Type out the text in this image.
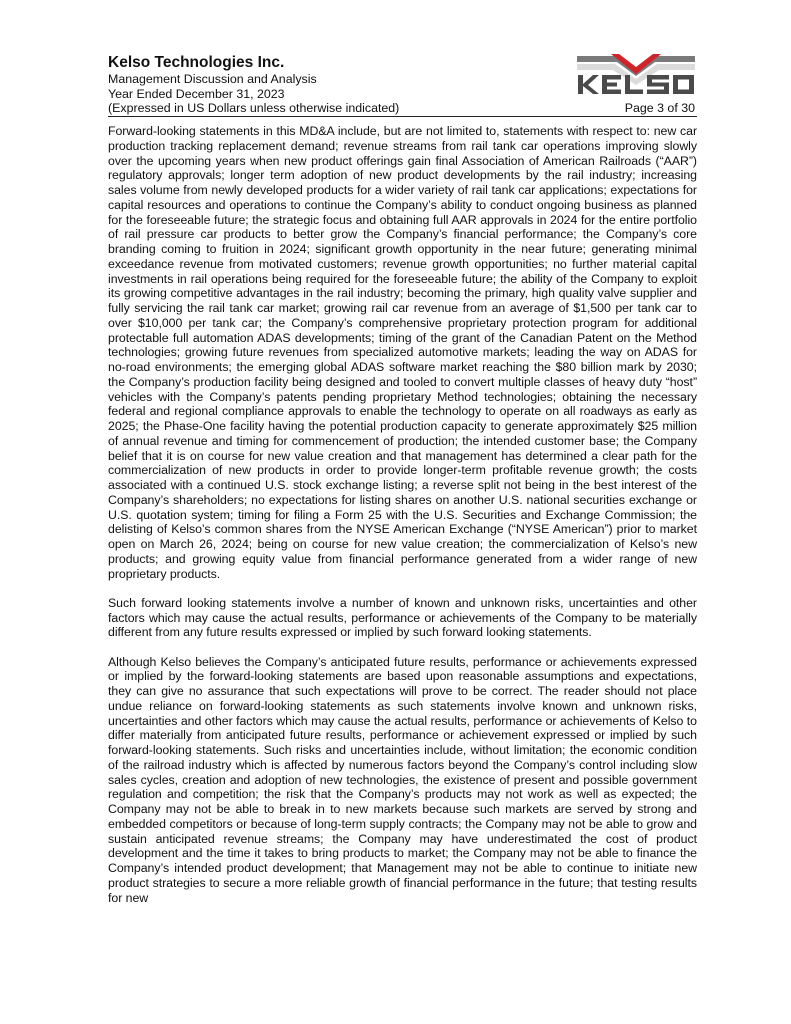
Kelso Technologies Inc.

Management Discussion and Analysis

Year Ended December 31, 2023

(Expressed in US Dollars unless otherwise indicated)	Page 3 of 30

Forward-looking statements in this MD&A include, but are not limited to, statements with respect to: new car production tracking replacement demand; revenue streams from rail tank car operations improving slowly over the upcoming years when new product offerings gain final Association of American Railroads (“AAR”) regulatory approvals; longer term adoption of new product developments by the rail industry; increasing sales volume from newly developed products for a wider variety of rail tank car applications; expectations for capital resources and operations to continue the Company’s ability to conduct ongoing business as planned for the foreseeable future; the strategic focus and obtaining full AAR approvals in 2024 for the entire portfolio of rail pressure car products to better grow the Company’s financial performance; the Company’s core branding coming to fruition in 2024; significant growth opportunity in the near future; generating minimal exceedance revenue from motivated customers; revenue growth opportunities; no further material capital investments in rail operations being required for the foreseeable future; the ability of the Company to exploit its growing competitive advantages in the rail industry; becoming the primary, high quality valve supplier and fully servicing the rail tank car market; growing rail car revenue from an average of $1,500 per tank car to over $10,000 per tank car; the Company’s comprehensive proprietary protection program for additional protectable full automation ADAS developments; timing of the grant of the Canadian Patent on the Method technologies; growing future revenues from specialized automotive markets; leading the way on ADAS for no-road environments; the emerging global ADAS software market reaching the $80 billion mark by 2030; the Company’s production facility being designed and tooled to convert multiple classes of heavy duty “host” vehicles with the Company’s patents pending proprietary Method technologies; obtaining the necessary federal and regional compliance approvals to enable the technology to operate on all roadways as early as 2025; the Phase-One facility having the potential production capacity to generate approximately $25 million of annual revenue and timing for commencement of production; the intended customer base; the Company belief that it is on course for new value creation and that management has determined a clear path for the commercialization of new products in order to provide longer-term profitable revenue growth; the costs associated with a continued U.S. stock exchange listing; a reverse split not being in the best interest of the Company’s shareholders; no expectations for listing shares on another U.S. national securities exchange or U.S. quotation system; timing for filing a Form 25 with the U.S. Securities and Exchange Commission; the delisting of Kelso’s common shares from the NYSE American Exchange (“NYSE American”) prior to market open on March 26, 2024; being on course for new value creation; the commercialization of Kelso’s new products; and growing equity value from financial performance generated from a wider range of new proprietary products.

Such forward looking statements involve a number of known and unknown risks, uncertainties and other factors which may cause the actual results, performance or achievements of the Company to be materially different from any future results expressed or implied by such forward looking statements.

Although Kelso believes the Company’s anticipated future results, performance or achievements expressed or implied by the forward-looking statements are based upon reasonable assumptions and expectations, they can give no assurance that such expectations will prove to be correct. The reader should not place undue reliance on forward-looking statements as such statements involve known and unknown risks, uncertainties and other factors which may cause the actual results, performance or achievements of Kelso to differ materially from anticipated future results, performance or achievement expressed or implied by such forward-looking statements. Such risks and uncertainties include, without limitation; the economic condition of the railroad industry which is affected by numerous factors beyond the Company’s control including slow sales cycles, creation and adoption of new technologies, the existence of present and possible government regulation and competition; the risk that the Company’s products may not work as well as expected; the Company may not be able to break in to new markets because such markets are served by strong and embedded competitors or because of long-term supply contracts; the Company may not be able to grow and sustain anticipated revenue streams; the Company may have underestimated the cost of product development and the time it takes to bring products to market; the Company may not be able to finance the Company’s intended product development; that Management may not be able to continue to initiate new product strategies to secure a more reliable growth of financial performance in the future; that testing results for new
